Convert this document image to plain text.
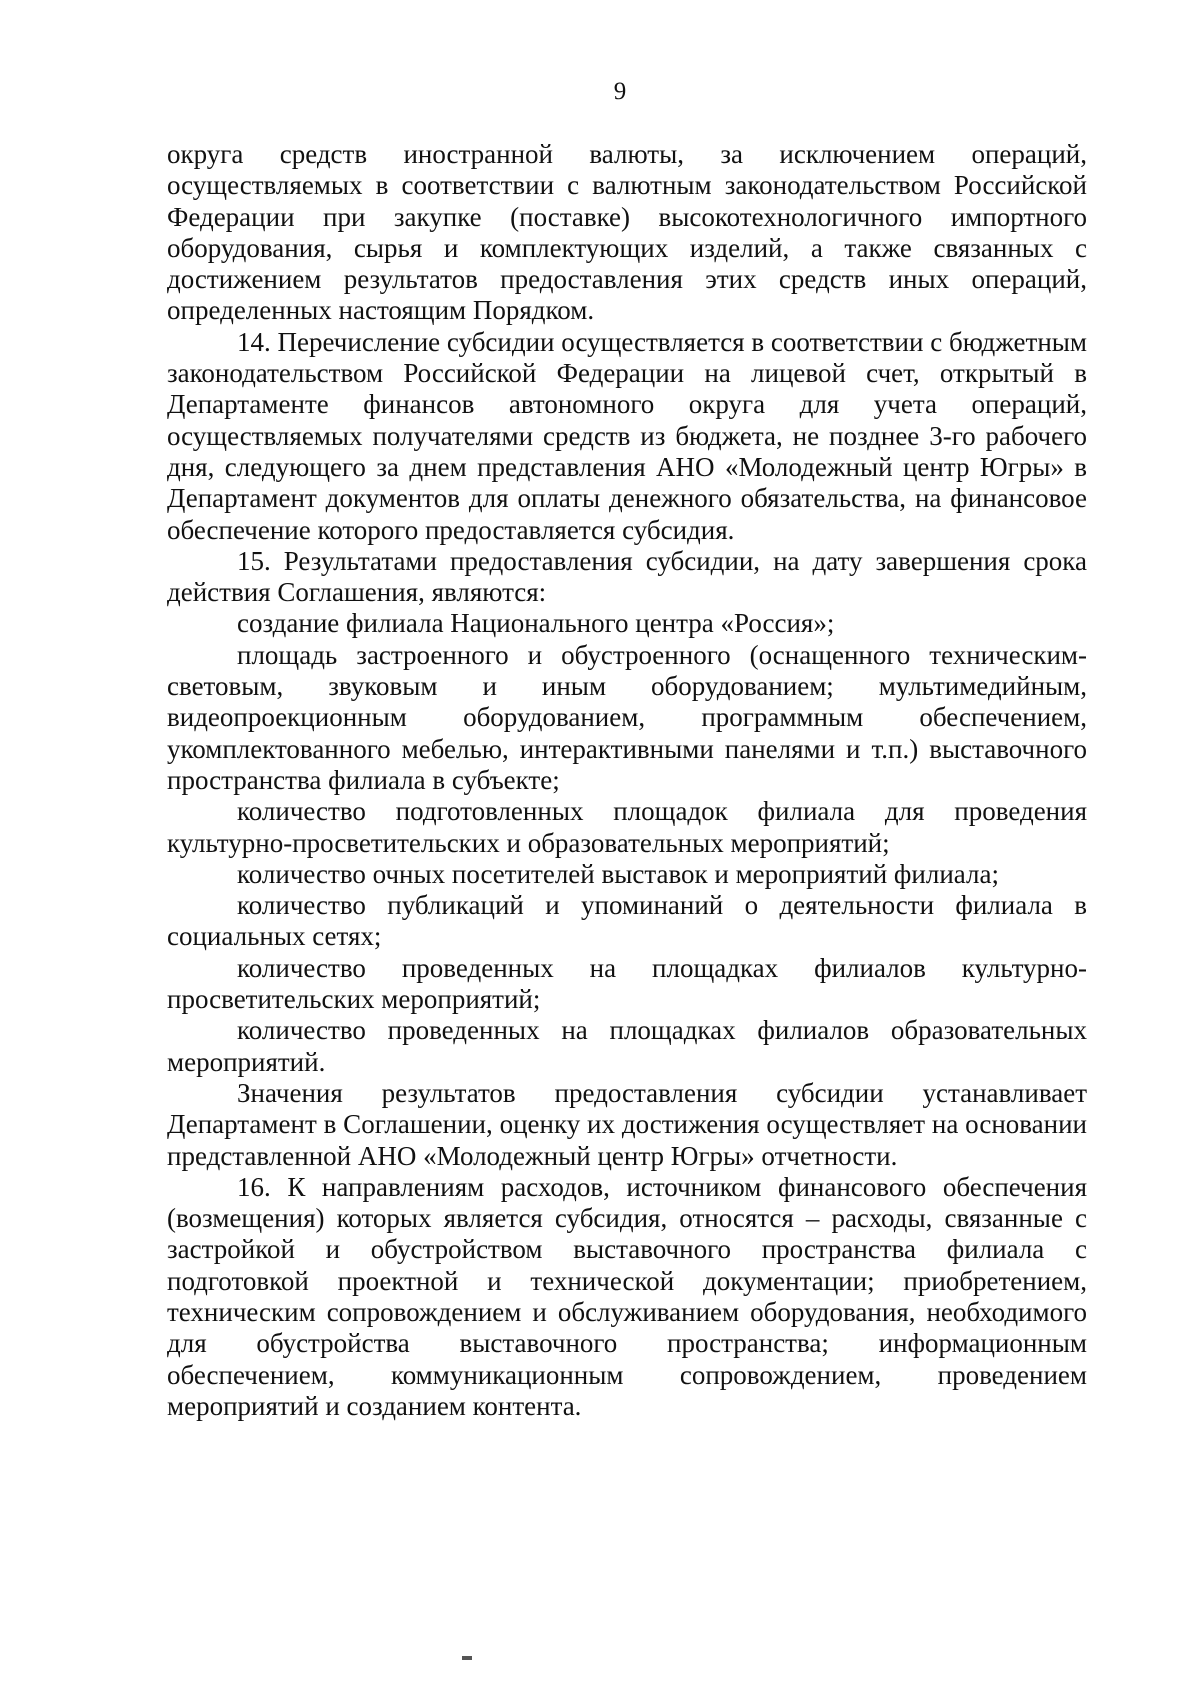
9

округа средств иностранной валюты, за исключением операций, осуществляемых в соответствии с валютным законодательством Российской Федерации при закупке (поставке) высокотехнологичного импортного оборудования, сырья и комплектующих изделий, а также связанных с достижением результатов предоставления этих средств иных операций, определенных настоящим Порядком.

14. Перечисление субсидии осуществляется в соответствии с бюджетным законодательством Российской Федерации на лицевой счет, открытый в Департаменте финансов автономного округа для учета операций, осуществляемых получателями средств из бюджета, не позднее 3-го рабочего дня, следующего за днем представления АНО «Молодежный центр Югры» в Департамент документов для оплаты денежного обязательства, на финансовое обеспечение которого предоставляется субсидия.

15. Результатами предоставления субсидии, на дату завершения срока действия Соглашения, являются:

создание филиала Национального центра «Россия»;

площадь застроенного и обустроенного (оснащенного техническим-световым, звуковым и иным оборудованием; мультимедийным, видеопроекционным оборудованием, программным обеспечением, укомплектованного мебелью, интерактивными панелями и т.п.) выставочного пространства филиала в субъекте;

количество подготовленных площадок филиала для проведения культурно-просветительских и образовательных мероприятий;

количество очных посетителей выставок и мероприятий филиала;

количество публикаций и упоминаний о деятельности филиала в социальных сетях;

количество проведенных на площадках филиалов культурно-просветительских мероприятий;

количество проведенных на площадках филиалов образовательных мероприятий.

Значения результатов предоставления субсидии устанавливает Департамент в Соглашении, оценку их достижения осуществляет на основании представленной АНО «Молодежный центр Югры» отчетности.

16. К направлениям расходов, источником финансового обеспечения (возмещения) которых является субсидия, относятся – расходы, связанные с застройкой и обустройством выставочного пространства филиала с подготовкой проектной и технической документации; приобретением, техническим сопровождением и обслуживанием оборудования, необходимого для обустройства выставочного пространства; информационным обеспечением, коммуникационным сопровождением, проведением мероприятий и созданием контента.
